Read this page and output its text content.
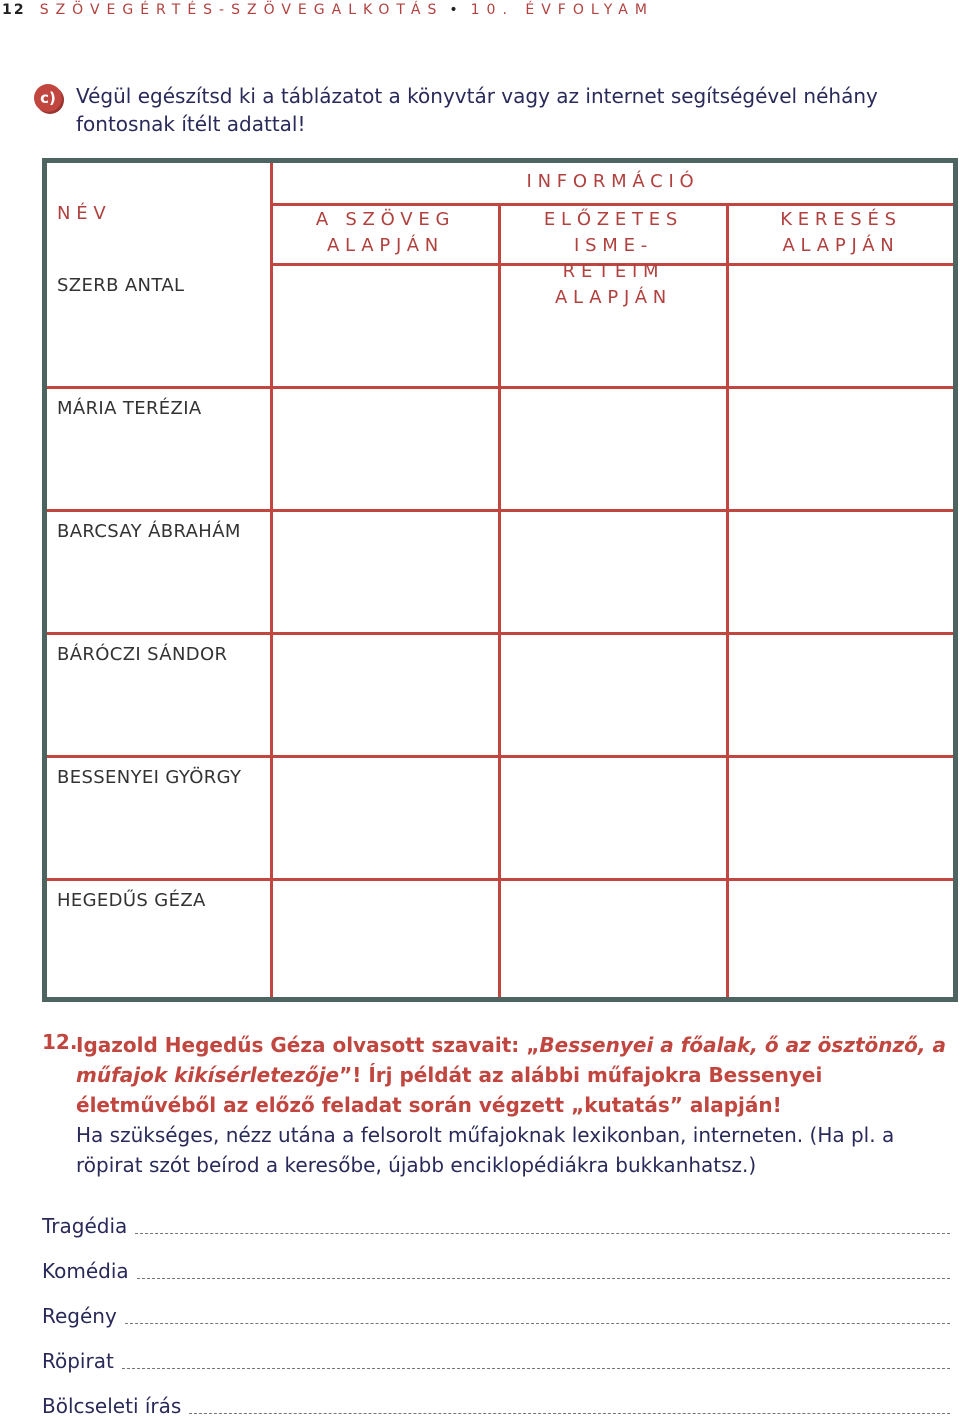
12 SZÖVEGÉRTÉS-SZÖVEGALKOTÁS • 10. ÉVFOLYAM
c)	Végül egészítsd ki a táblázatot a könyvtár vagy az internet segítségével néhány fontosnak ítélt adattal!
NÉV
INFORMÁCIÓ
A SZÖVEG
ALAPJÁN
ELŐZETES ISME-
RETEIM ALAPJÁN
KERESÉS
ALAPJÁN
SZERB ANTAL
MÁRIA TERÉZIA
BARCSAY ÁBRAHÁM
BÁRÓCZI SÁNDOR
BESSENYEI GYÖRGY
HEGEDŰS GÉZA
12.
Igazold Hegedűs Géza olvasott szavait: „Bessenyei a főalak, ő az ösztönző, a műfajok kikísérletezője”! Írj példát az alábbi műfajokra Bessenyei életművéből az előző feladat során végzett „kutatás” alapján!
Ha szükséges, nézz utána a felsorolt műfajoknak lexikonban, interneten. (Ha pl. a röpirat szót beírod a keresőbe, újabb enciklopédiákra bukkanhatsz.)
Tragédia
Komédia
Regény
Röpirat
Bölcseleti írás
